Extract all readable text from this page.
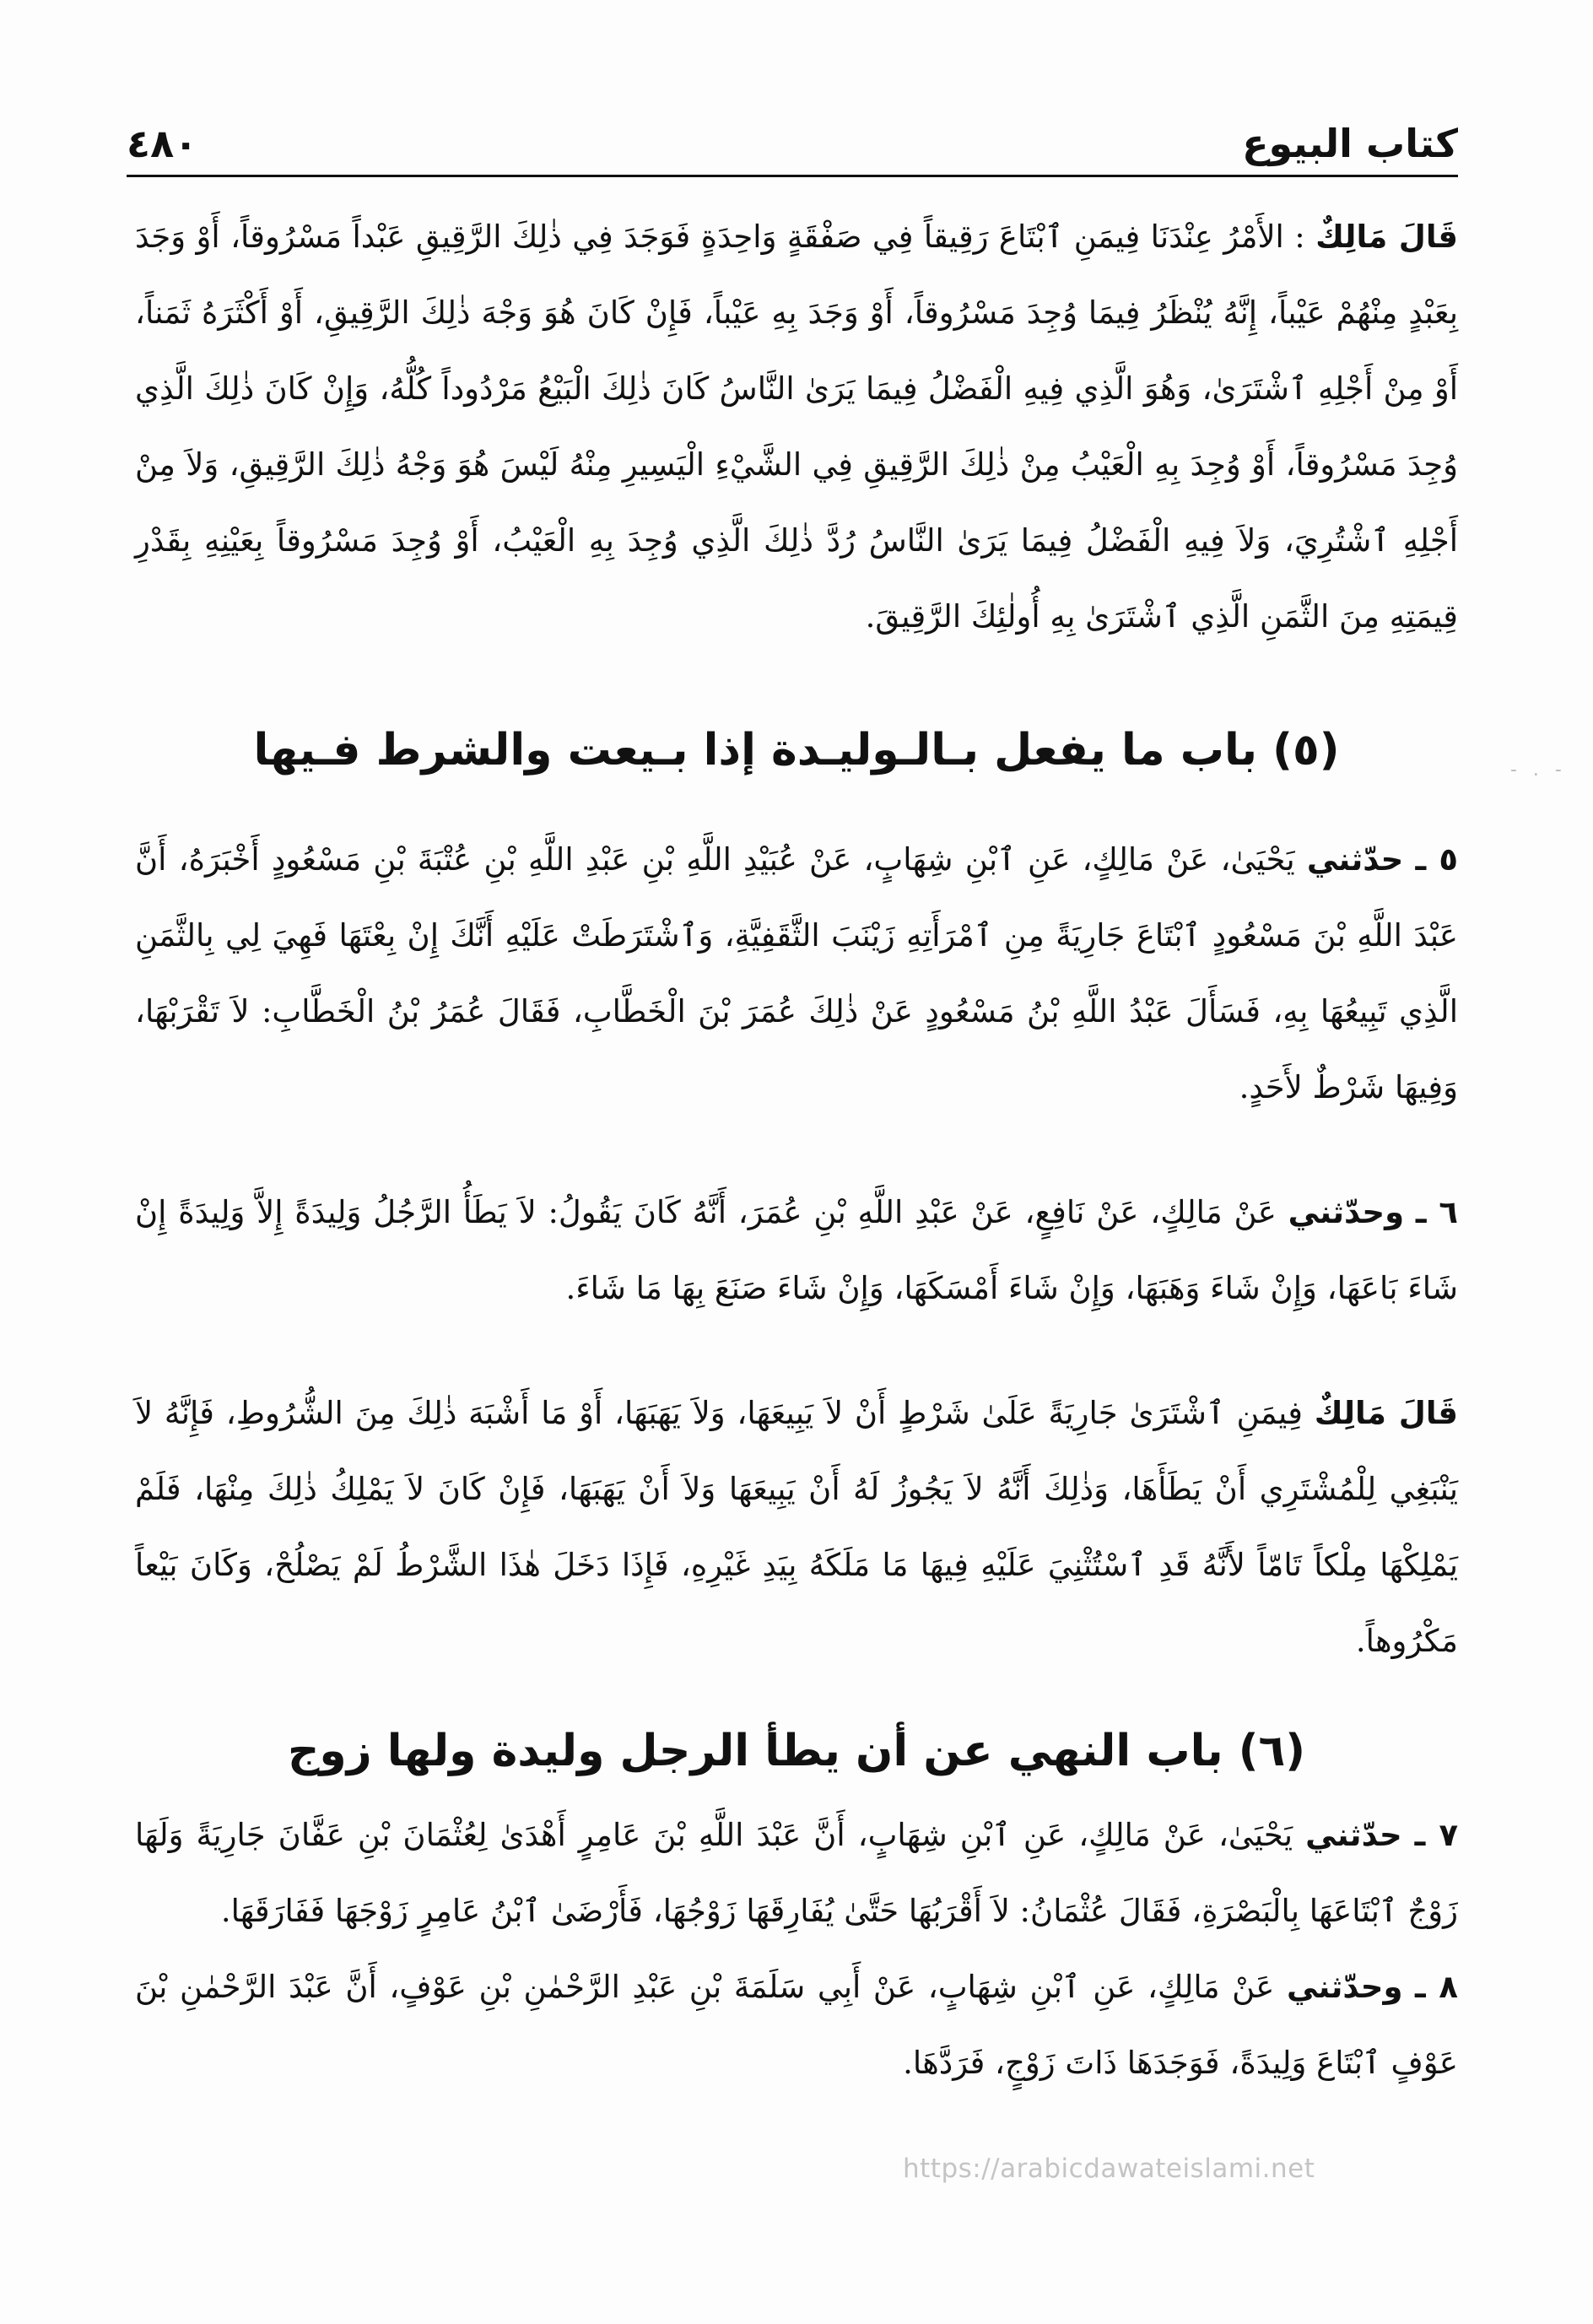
كتاب البيوع
٤٨٠
- . -

قَالَ مَالِكٌ : الأَمْرُ عِنْدَنَا فِيمَنِ ٱبْتَاعَ رَقِيقاً فِي صَفْقَةٍ وَاحِدَةٍ فَوَجَدَ فِي ذٰلِكَ الرَّقِيقِ عَبْداً مَسْرُوقاً، أَوْ وَجَدَ بِعَبْدٍ مِنْهُمْ عَيْباً، إِنَّهُ يُنْظَرُ فِيمَا وُجِدَ مَسْرُوقاً، أَوْ وَجَدَ بِهِ عَيْباً، فَإِنْ كَانَ هُوَ وَجْهَ ذٰلِكَ الرَّقِيقِ، أَوْ أَكْثَرَهُ ثَمَناً، أَوْ مِنْ أَجْلِهِ ٱشْتَرَىٰ، وَهُوَ الَّذِي فِيهِ الْفَضْلُ فِيمَا يَرَىٰ النَّاسُ كَانَ ذٰلِكَ الْبَيْعُ مَرْدُوداً كُلُّهُ، وَإِنْ كَانَ ذٰلِكَ الَّذِي وُجِدَ مَسْرُوقاً، أَوْ وُجِدَ بِهِ الْعَيْبُ مِنْ ذٰلِكَ الرَّقِيقِ فِي الشَّيْءِ الْيَسِيرِ مِنْهُ لَيْسَ هُوَ وَجْهُ ذٰلِكَ الرَّقِيقِ، وَلاَ مِنْ أَجْلِهِ ٱشْتُرِيَ، وَلاَ فِيهِ الْفَضْلُ فِيمَا يَرَىٰ النَّاسُ رُدَّ ذٰلِكَ الَّذِي وُجِدَ بِهِ الْعَيْبُ، أَوْ وُجِدَ مَسْرُوقاً بِعَيْنِهِ بِقَدْرِ قِيمَتِهِ مِنَ الثَّمَنِ الَّذِي ٱشْتَرَىٰ بِهِ أُولٰئِكَ الرَّقِيقَ.

(٥) باب ما يفعل بـالـوليـدة إذا بـيعت والشرط فـيها

٥ ـ حدّثني يَحْيَىٰ، عَنْ مَالِكٍ، عَنِ ٱبْنِ شِهَابٍ، عَنْ عُبَيْدِ اللَّهِ بْنِ عَبْدِ اللَّهِ بْنِ عُتْبَةَ بْنِ مَسْعُودٍ أَخْبَرَهُ، أَنَّ عَبْدَ اللَّهِ بْنَ مَسْعُودٍ ٱبْتَاعَ جَارِيَةً مِنِ ٱمْرَأَتِهِ زَيْنَبَ الثَّقَفِيَّةِ، وَٱشْتَرَطَتْ عَلَيْهِ أَنَّكَ إِنْ بِعْتَهَا فَهِيَ لِي بِالثَّمَنِ الَّذِي تَبِيعُهَا بِهِ، فَسَأَلَ عَبْدُ اللَّهِ بْنُ مَسْعُودٍ عَنْ ذٰلِكَ عُمَرَ بْنَ الْخَطَّابِ، فَقَالَ عُمَرُ بْنُ الْخَطَّابِ: لاَ تَقْرَبْهَا، وَفِيهَا شَرْطٌ لأَحَدٍ.

٦ ـ وحدّثني عَنْ مَالِكٍ، عَنْ نَافِعٍ، عَنْ عَبْدِ اللَّهِ بْنِ عُمَرَ، أَنَّهُ كَانَ يَقُولُ: لاَ يَطَأُ الرَّجُلُ وَلِيدَةً إِلاَّ وَلِيدَةً إِنْ شَاءَ بَاعَهَا، وَإِنْ شَاءَ وَهَبَهَا، وَإِنْ شَاءَ أَمْسَكَهَا، وَإِنْ شَاءَ صَنَعَ بِهَا مَا شَاءَ.

قَالَ مَالِكٌ فِيمَنِ ٱشْتَرَىٰ جَارِيَةً عَلَىٰ شَرْطٍ أَنْ لاَ يَبِيعَهَا، وَلاَ يَهَبَهَا، أَوْ مَا أَشْبَهَ ذٰلِكَ مِنَ الشُّرُوطِ، فَإِنَّهُ لاَ يَنْبَغِي لِلْمُشْتَرِي أَنْ يَطَأَهَا، وَذٰلِكَ أَنَّهُ لاَ يَجُوزُ لَهُ أَنْ يَبِيعَهَا وَلاَ أَنْ يَهَبَهَا، فَإِنْ كَانَ لاَ يَمْلِكُ ذٰلِكَ مِنْهَا، فَلَمْ يَمْلِكْهَا مِلْكاً تَامّاً لأَنَّهُ قَدِ ٱسْتُثْنِيَ عَلَيْهِ فِيهَا مَا مَلَكَهُ بِيَدِ غَيْرِهِ، فَإِذَا دَخَلَ هٰذَا الشَّرْطُ لَمْ يَصْلُحْ، وَكَانَ بَيْعاً مَكْرُوهاً.

(٦) باب النهي عن أن يطأ الرجل وليدة ولها زوج

٧ ـ حدّثني يَحْيَىٰ، عَنْ مَالِكٍ، عَنِ ٱبْنِ شِهَابٍ، أَنَّ عَبْدَ اللَّهِ بْنَ عَامِرٍ أَهْدَىٰ لِعُثْمَانَ بْنِ عَفَّانَ جَارِيَةً وَلَهَا زَوْجٌ ٱبْتَاعَهَا بِالْبَصْرَةِ، فَقَالَ عُثْمَانُ: لاَ أَقْرَبُهَا حَتَّىٰ يُفَارِقَهَا زَوْجُهَا، فَأَرْضَىٰ ٱبْنُ عَامِرٍ زَوْجَهَا فَفَارَقَهَا.

٨ ـ وحدّثني عَنْ مَالِكٍ، عَنِ ٱبْنِ شِهَابٍ، عَنْ أَبِي سَلَمَةَ بْنِ عَبْدِ الرَّحْمٰنِ بْنِ عَوْفٍ، أَنَّ عَبْدَ الرَّحْمٰنِ بْنَ عَوْفٍ ٱبْتَاعَ وَلِيدَةً، فَوَجَدَهَا ذَاتَ زَوْجٍ، فَرَدَّهَا.

https://arabicdawateislami.net
